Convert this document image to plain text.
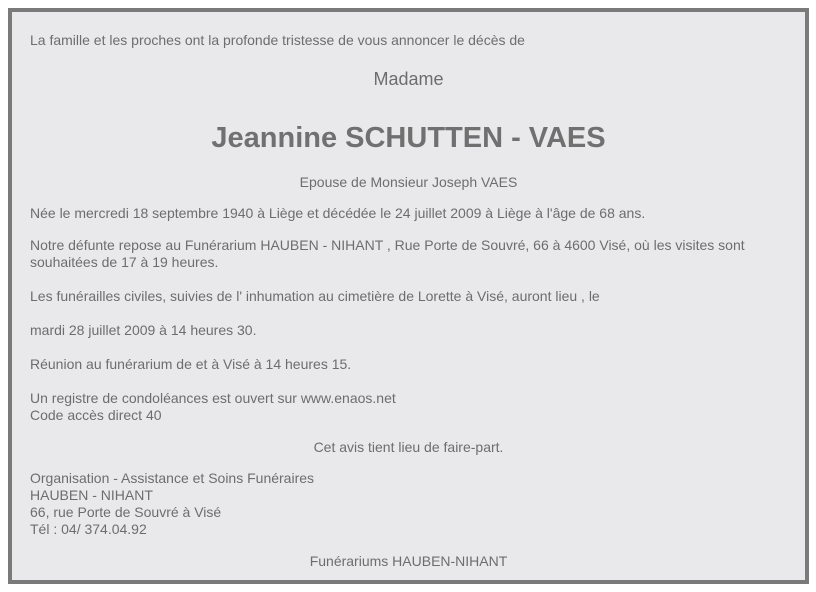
La famille et les proches ont la profonde tristesse de vous annoncer le décès de
Madame
Jeannine SCHUTTEN - VAES
Epouse de Monsieur Joseph VAES
Née le mercredi 18 septembre 1940 à Liège et décédée le 24 juillet 2009 à Liège à l'âge de 68 ans.
Notre défunte repose au Funérarium HAUBEN - NIHANT , Rue Porte de Souvré, 66 à 4600 Visé, où les visites sont
souhaitées de 17 à 19 heures.
Les funérailles civiles, suivies de l' inhumation au cimetière de Lorette à Visé, auront lieu , le
mardi 28 juillet 2009 à 14 heures 30.
Réunion au funérarium de et à Visé à 14 heures 15.
Un registre de condoléances est ouvert sur www.enaos.net
Code accès direct 40
Cet avis tient lieu de faire-part.
Organisation - Assistance et Soins Funéraires
HAUBEN - NIHANT
66, rue Porte de Souvré à Visé
Tél : 04/ 374.04.92
Funérariums HAUBEN-NIHANT
